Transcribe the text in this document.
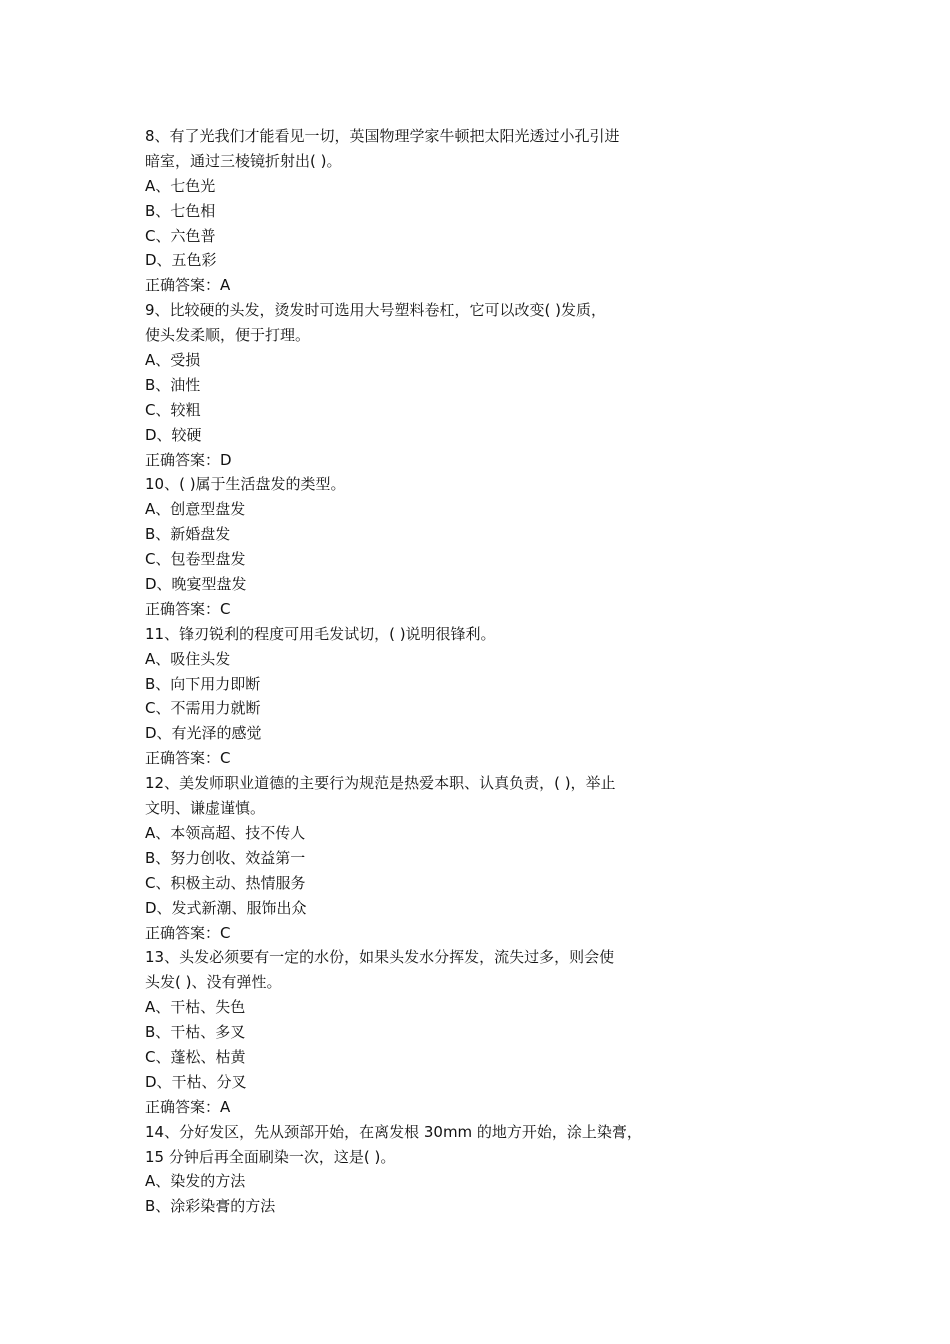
8、有了光我们才能看见一切，英国物理学家牛顿把太阳光透过小孔引进
暗室，通过三棱镜折射出( )。
A、七色光
B、七色相
C、六色普
D、五色彩
正确答案：A
9、比较硬的头发，烫发时可选用大号塑料卷杠，它可以改变( )发质，
使头发柔顺，便于打理。
A、受损
B、油性
C、较粗
D、较硬
正确答案：D
10、( )属于生活盘发的类型。
A、创意型盘发
B、新婚盘发
C、包卷型盘发
D、晚宴型盘发
正确答案：C
11、锋刃锐利的程度可用毛发试切，( )说明很锋利。
A、吸住头发
B、向下用力即断
C、不需用力就断
D、有光泽的感觉
正确答案：C
12、美发师职业道德的主要行为规范是热爱本职、认真负责，( )，举止
文明、谦虚谨慎。
A、本领高超、技不传人
B、努力创收、效益第一
C、积极主动、热情服务
D、发式新潮、服饰出众
正确答案：C
13、头发必须要有一定的水份，如果头发水分挥发，流失过多，则会使
头发( )、没有弹性。
A、干枯、失色
B、干枯、多叉
C、蓬松、枯黄
D、干枯、分叉
正确答案：A
14、分好发区，先从颈部开始，在离发根 30mm 的地方开始，涂上染膏，
15 分钟后再全面刷染一次，这是( )。
A、染发的方法
B、涂彩染膏的方法
